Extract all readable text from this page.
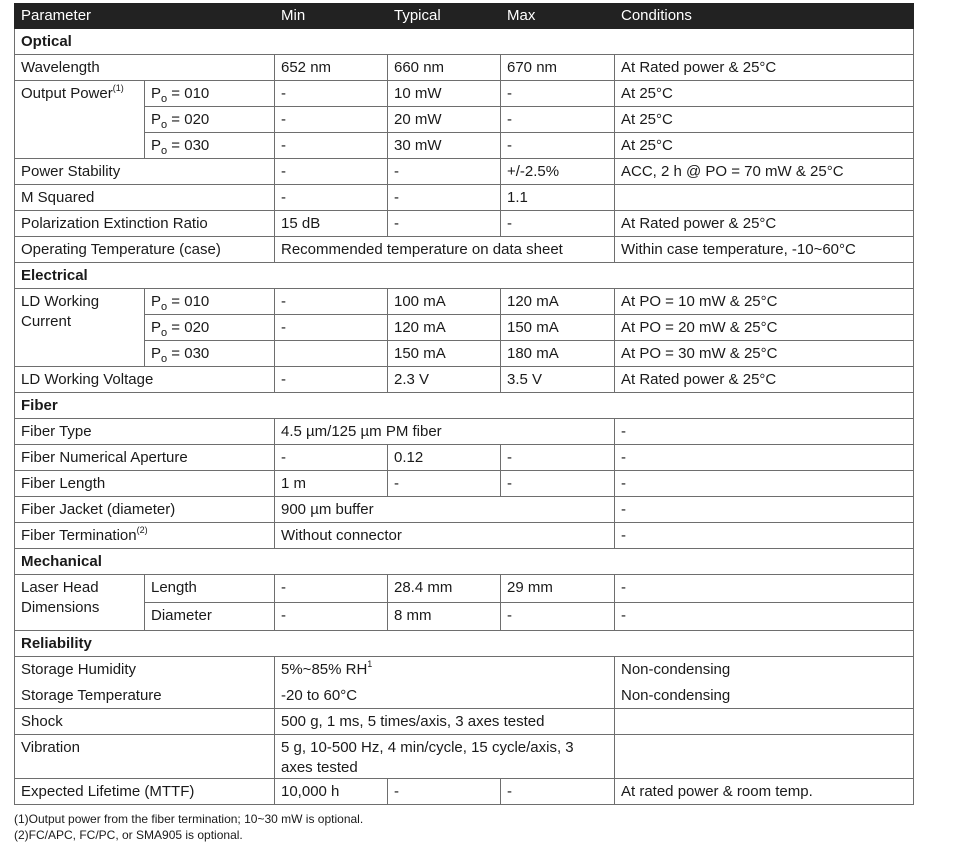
Parameter		Min	Typical	Max	Conditions
Optical					
Wavelength		652 nm	660 nm	670 nm	At Rated power & 25°C
Output Power$^{(1)}$	$P_o = 010$	-	10 mW	-	At 25°C
	$P_o = 020$	-	20 mW	-	At 25°C
	$P_o = 030$	-	30 mW	-	At 25°C
Power Stability		-	-	+/-2.5%	ACC, 2 h @ PO = 70 mW & 25°C
M Squared		-	-	1.1	
Polarization Extinction Ratio		15 dB	-	-	At Rated power & 25°C
Operating Temperature (case)		Recommended temperature on data sheet			Within case temperature, -10~60°C
Electrical					
LD Working Current	$P_o = 010$	-	100 mA	120 mA	At PO = 10 mW & 25°C
	$P_o = 020$	-	120 mA	150 mA	At PO = 20 mW & 25°C
	$P_o = 030$		150 mA	180 mA	At PO = 30 mW & 25°C
LD Working Voltage		-	2.3 V	3.5 V	At Rated power & 25°C
Fiber					
Fiber Type		4.5 µm/125 µm PM fiber			-
Fiber Numerical Aperture		-	0.12	-	-
Fiber Length		1 m	-	-	-
Fiber Jacket (diameter)		900 µm buffer			-
Fiber Termination$^{(2)}$		Without connector			-
Mechanical					
Laser Head Dimensions	Length	-	28.4 mm	29 mm	-
	Diameter	-	8 mm	-	-
Reliability					
Storage Humidity		5%~85% $RH^1$			Non-condensing
Storage Temperature		-20 to 60°C			Non-condensing
Shock		500 g, 1 ms, 5 times/axis, 3 axes tested			
Vibration		5 g, 10-500 Hz, 4 min/cycle, 15 cycle/axis, 3 axes tested			
Expected Lifetime (MTTF)		10,000 h	-	-	At rated power & room temp.
(1)Output power from the fiber termination; 10~30 mW is optional.
(2)FC/APC, FC/PC, or SMA905 is optional.
